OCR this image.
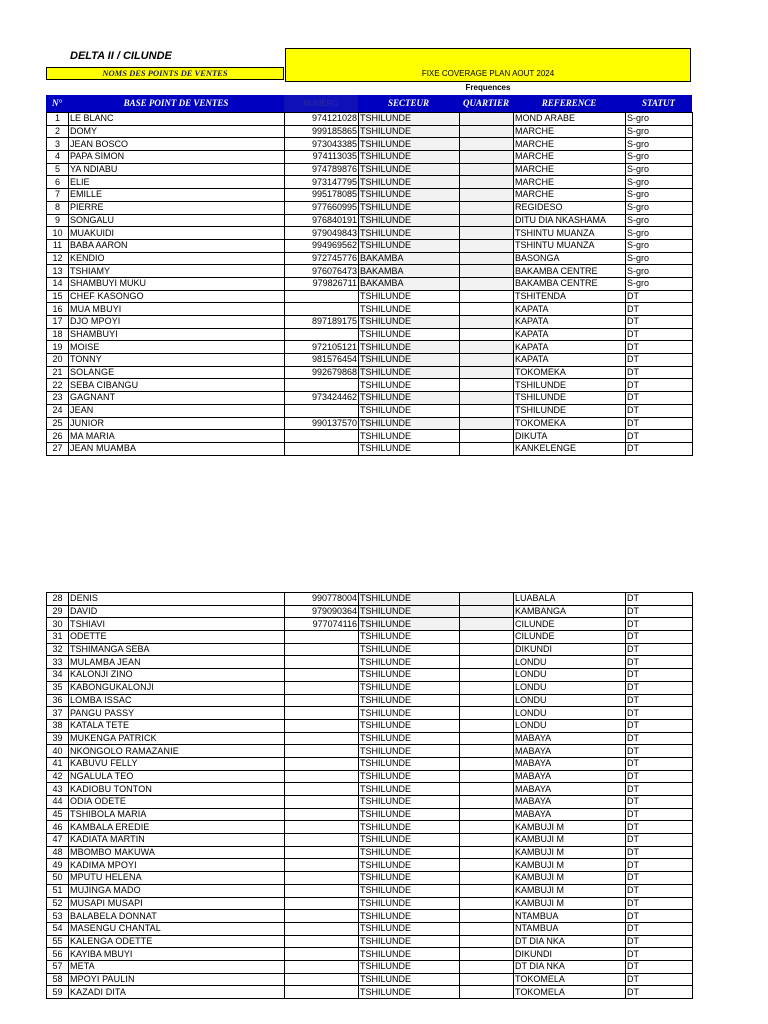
DELTA II / CILUNDE
NOMS DES POINTS DE VENTES	FIXE COVERAGE PLAN AOUT 2024
Frequences
N°	BASE POINT DE VENTES	NUMERO	SECTEUR	QUARTIER	REFERENCE	STATUT
1	LE BLANC	974121028	TSHILUNDE		MOND ARABE	S-gro
2	DOMY	999185865	TSHILUNDE		MARCHE	S-gro
3	JEAN BOSCO	973043385	TSHILUNDE		MARCHE	S-gro
4	PAPA SIMON	974113035	TSHILUNDE		MARCHE	S-gro
5	YA NDIABU	974789876	TSHILUNDE		MARCHE	S-gro
6	ELIE	973147795	TSHILUNDE		MARCHE	S-gro
7	EMILLE	995178085	TSHILUNDE		MARCHE	S-gro
8	PIERRE	977660995	TSHILUNDE		REGIDESO	S-gro
9	SONGALU	976840191	TSHILUNDE		DITU DIA NKASHAMA	S-gro
10	MUAKUIDI	979049843	TSHILUNDE		TSHINTU MUANZA	S-gro
11	BABA AARON	994969562	TSHILUNDE		TSHINTU MUANZA	S-gro
12	KENDIO	972745776	BAKAMBA		BASONGA	S-gro
13	TSHIAMY	976076473	BAKAMBA		BAKAMBA CENTRE	S-gro
14	SHAMBUYI MUKU	979826711	BAKAMBA		BAKAMBA CENTRE	S-gro
15	CHEF KASONGO		TSHILUNDE		TSHITENDA	DT
16	MUA MBUYI		TSHILUNDE		KAPATA	DT
17	DJO MPOYI	897189175	TSHILUNDE		KAPATA	DT
18	SHAMBUYI		TSHILUNDE		KAPATA	DT
19	MOISE	972105121	TSHILUNDE		KAPATA	DT
20	TONNY	981576454	TSHILUNDE		KAPATA	DT
21	SOLANGE	992679868	TSHILUNDE		TOKOMEKA	DT
22	SEBA CIBANGU		TSHILUNDE		TSHILUNDE	DT
23	GAGNANT	973424462	TSHILUNDE		TSHILUNDE	DT
24	JEAN		TSHILUNDE		TSHILUNDE	DT
25	JUNIOR	990137570	TSHILUNDE		TOKOMEKA	DT
26	MA MARIA		TSHILUNDE		DIKUTA	DT
27	JEAN MUAMBA		TSHILUNDE		KANKELENGE	DT
28	DENIS	990778004	TSHILUNDE		LUABALA	DT
29	DAVID	979090364	TSHILUNDE		KAMBANGA	DT
30	TSHIAVI	977074116	TSHILUNDE		CILUNDE	DT
31	ODETTE		TSHILUNDE		CILUNDE	DT
32	TSHIMANGA SEBA		TSHILUNDE		DIKUNDI	DT
33	MULAMBA JEAN		TSHILUNDE		LONDU	DT
34	KALONJI ZINO		TSHILUNDE		LONDU	DT
35	KABONGUKALONJI		TSHILUNDE		LONDU	DT
36	LOMBA ISSAC		TSHILUNDE		LONDU	DT
37	PANGU PASSY		TSHILUNDE		LONDU	DT
38	KATALA TETE		TSHILUNDE		LONDU	DT
39	MUKENGA PATRICK		TSHILUNDE		MABAYA	DT
40	NKONGOLO RAMAZANIE		TSHILUNDE		MABAYA	DT
41	KABUVU FELLY		TSHILUNDE		MABAYA	DT
42	NGALULA TEO		TSHILUNDE		MABAYA	DT
43	KADIOBU TONTON		TSHILUNDE		MABAYA	DT
44	ODIA ODETE		TSHILUNDE		MABAYA	DT
45	TSHIBOLA MARIA		TSHILUNDE		MABAYA	DT
46	KAMBALA EREDIE		TSHILUNDE		KAMBUJI M	DT
47	KADIATA MARTIN		TSHILUNDE		KAMBUJI M	DT
48	MBOMBO MAKUWA		TSHILUNDE		KAMBUJI M	DT
49	KADIMA MPOYI		TSHILUNDE		KAMBUJI M	DT
50	MPUTU HELENA		TSHILUNDE		KAMBUJI M	DT
51	MUJINGA MADO		TSHILUNDE		KAMBUJI M	DT
52	MUSAPI MUSAPI		TSHILUNDE		KAMBUJI M	DT
53	BALABELA DONNAT		TSHILUNDE		NTAMBUA	DT
54	MASENGU CHANTAL		TSHILUNDE		NTAMBUA	DT
55	KALENGA ODETTE		TSHILUNDE		DT DIA NKA	DT
56	KAYIBA MBUYI		TSHILUNDE		DIKUNDI	DT
57	META		TSHILUNDE		DT DIA NKA	DT
58	MPOYI PAULIN		TSHILUNDE		TOKOMELA	DT
59	KAZADI DITA		TSHILUNDE		TOKOMELA	DT
